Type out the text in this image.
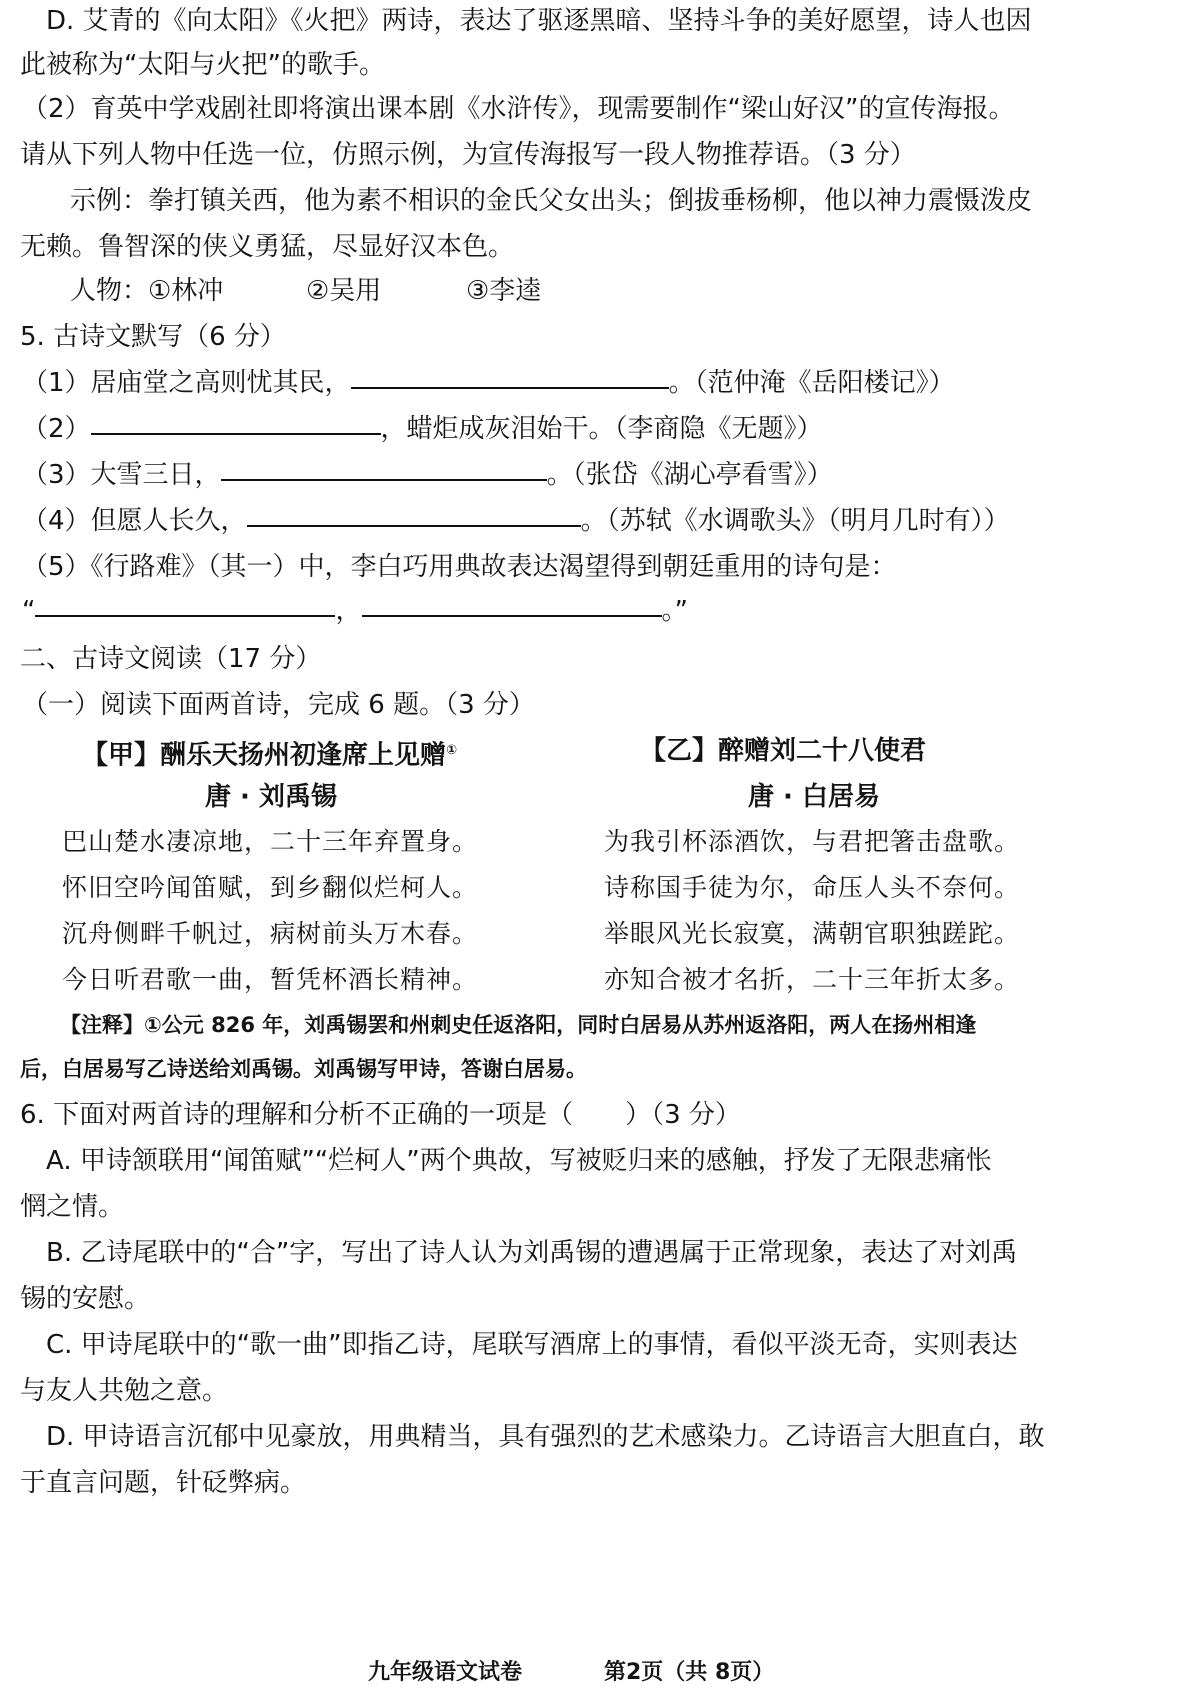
D. 艾青的《向太阳》《火把》两诗，表达了驱逐黑暗、坚持斗争的美好愿望，诗人也因
此被称为“太阳与火把”的歌手。
（2）育英中学戏剧社即将演出课本剧《水浒传》，现需要制作“梁山好汉”的宣传海报。
请从下列人物中任选一位，仿照示例，为宣传海报写一段人物推荐语。（3 分）
示例：拳打镇关西，他为素不相识的金氏父女出头；倒拔垂杨柳，他以神力震慑泼皮
无赖。鲁智深的侠义勇猛，尽显好汉本色。
人物： ①林冲	②吴用	③李逵
5. 古诗文默写（6 分）
（1）居庙堂之高则忧其民，	。（范仲淹《岳阳楼记》）
（2）	，蜡炬成灰泪始干。（李商隐《无题》）
（3）大雪三日，	。（张岱《湖心亭看雪》）
（4）但愿人长久，	。（苏轼《水调歌头》（明月几时有））
（5）《行路难》（其一）中，李白巧用典故表达渴望得到朝廷重用的诗句是：
“	，	。”
二、古诗文阅读（17 分）
（一）阅读下面两首诗，完成 6 题。（3 分）
【甲】酬乐天扬州初逢席上见赠①
唐 · 刘禹锡
巴山楚水凄凉地，二十三年弃置身。
怀旧空吟闻笛赋，到乡翻似烂柯人。
沉舟侧畔千帆过，病树前头万木春。
今日听君歌一曲，暂凭杯酒长精神。
【乙】醉赠刘二十八使君
唐 · 白居易
为我引杯添酒饮，与君把箸击盘歌。
诗称国手徒为尔，命压人头不奈何。
举眼风光长寂寞，满朝官职独蹉跎。
亦知合被才名折，二十三年折太多。
【注释】①公元 826 年，刘禹锡罢和州刺史任返洛阳，同时白居易从苏州返洛阳，两人在扬州相逢
后，白居易写乙诗送给刘禹锡。刘禹锡写甲诗，答谢白居易。
6. 下面对两首诗的理解和分析不正确的一项是（　　）（3 分）
A. 甲诗颔联用“闻笛赋”“烂柯人”两个典故，写被贬归来的感触，抒发了无限悲痛怅
惘之情。
B. 乙诗尾联中的“合”字，写出了诗人认为刘禹锡的遭遇属于正常现象，表达了对刘禹
锡的安慰。
C. 甲诗尾联中的“歌一曲”即指乙诗，尾联写酒席上的事情，看似平淡无奇，实则表达
与友人共勉之意。
D. 甲诗语言沉郁中见豪放，用典精当，具有强烈的艺术感染力。乙诗语言大胆直白，敢
于直言问题，针砭弊病。
九年级语文试卷	第2页（共 8页）
